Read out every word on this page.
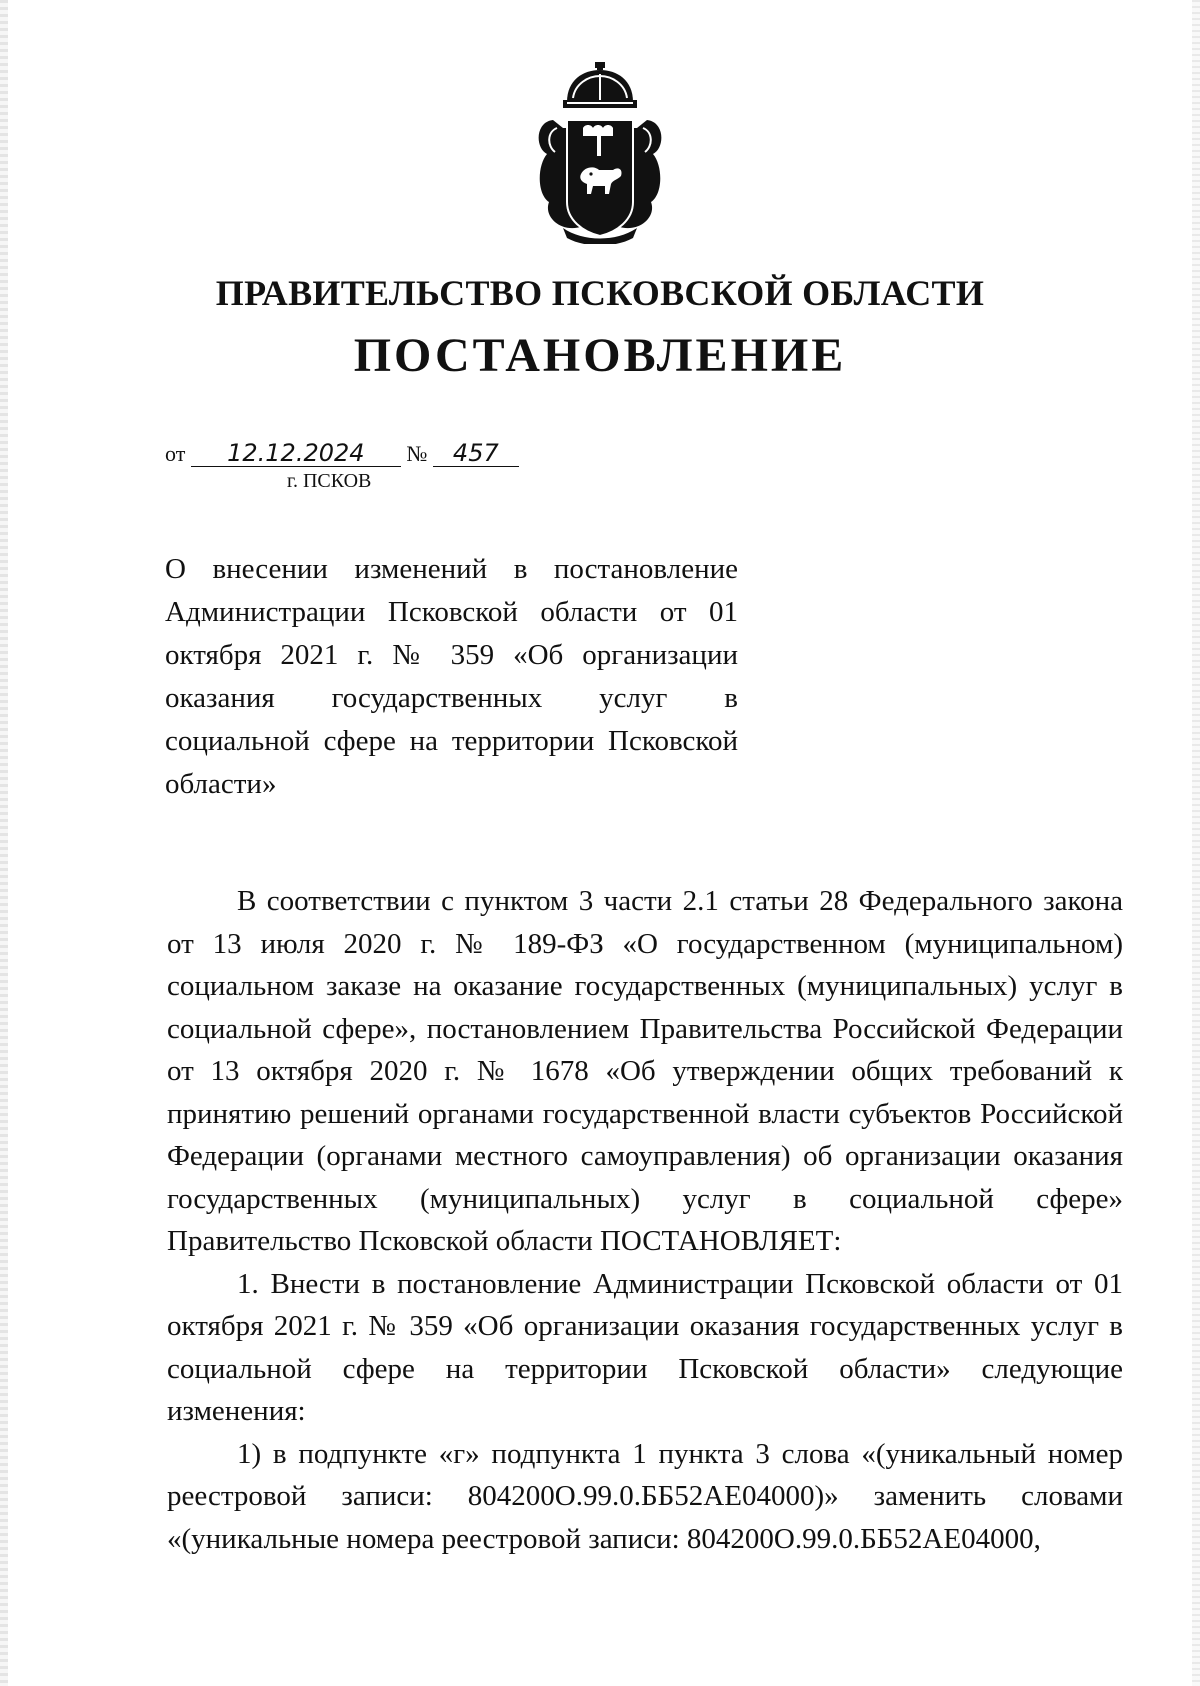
ПРАВИТЕЛЬСТВО ПСКОВСКОЙ ОБЛАСТИ
ПОСТАНОВЛЕНИЕ
от 12.12.2024 № 457
г. ПСКОВ

О внесении изменений в постановление Администрации Псковской области от 01 октября 2021 г. № 359 «Об организации оказания государственных услуг в социальной сфере на территории Псковской области»

В соответствии с пунктом 3 части 2.1 статьи 28 Федерального закона от 13 июля 2020 г. № 189-ФЗ «О государственном (муниципальном) социальном заказе на оказание государственных (муниципальных) услуг в социальной сфере», постановлением Правительства Российской Федерации от 13 октября 2020 г. № 1678 «Об утверждении общих требований к принятию решений органами государственной власти субъектов Российской Федерации (органами местного самоуправления) об организации оказания государственных (муниципальных) услуг в социальной сфере» Правительство Псковской области ПОСТАНОВЛЯЕТ:

1. Внести в постановление Администрации Псковской области от 01 октября 2021 г. № 359 «Об организации оказания государственных услуг в социальной сфере на территории Псковской области» следующие изменения:

1) в подпункте «г» подпункта 1 пункта 3 слова «(уникальный номер реестровой записи: 804200О.99.0.ББ52АЕ04000)» заменить словами «(уникальные номера реестровой записи: 804200О.99.0.ББ52АЕ04000,
